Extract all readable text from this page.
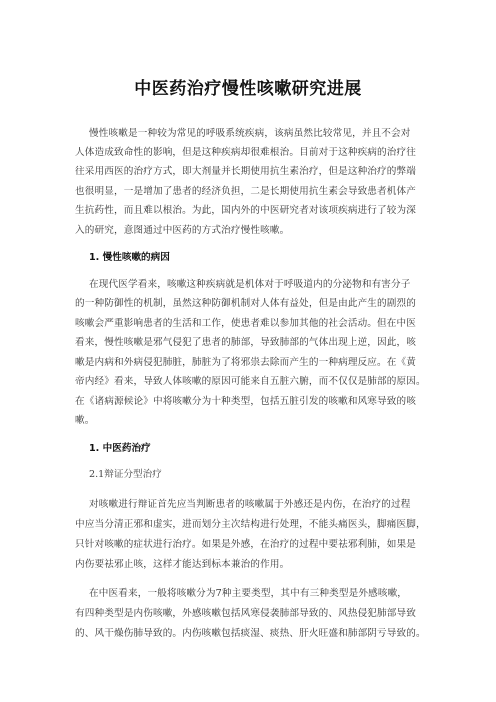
中医药治疗慢性咳嗽研究进展
慢性咳嗽是一种较为常见的呼吸系统疾病，该病虽然比较常见，并且不会对
人体造成致命性的影响，但是这种疾病却很难根治。目前对于这种疾病的治疗往
往采用西医的治疗方式，即大剂量并长期使用抗生素治疗，但是这种治疗的弊端
也很明显，一是增加了患者的经济负担，二是长期使用抗生素会导致患者机体产
生抗药性，而且难以根治。为此，国内外的中医研究者对该项疾病进行了较为深
入的研究，意图通过中医药的方式治疗慢性咳嗽。
1. 慢性咳嗽的病因
在现代医学看来，咳嗽这种疾病就是机体对于呼吸道内的分泌物和有害分子
的一种防御性的机制，虽然这种防御机制对人体有益处，但是由此产生的剧烈的
咳嗽会严重影响患者的生活和工作，使患者难以参加其他的社会活动。但在中医
看来，慢性咳嗽是邪气侵犯了患者的肺部，导致肺部的气体出现上逆，因此，咳
嗽是内病和外病侵犯肺脏，肺脏为了将邪祟去除而产生的一种病理反应。在《黄
帝内经》看来，导致人体咳嗽的原因可能来自五脏六腑，而不仅仅是肺部的原因。
在《诸病源候论》中将咳嗽分为十种类型，包括五脏引发的咳嗽和风寒导致的咳
嗽。
1. 中医药治疗
2.1辩证分型治疗
对咳嗽进行辩证首先应当判断患者的咳嗽属于外感还是内伤，在治疗的过程
中应当分清正邪和虚实，进而划分主次结构进行处理，不能头痛医头，脚痛医脚，
只针对咳嗽的症状进行治疗。如果是外感，在治疗的过程中要祛邪利肺，如果是
内伤要祛邪止咳，这样才能达到标本兼治的作用。
在中医看来，一般将咳嗽分为7种主要类型，其中有三种类型是外感咳嗽，
有四种类型是内伤咳嗽，外感咳嗽包括风寒侵袭肺部导致的、风热侵犯肺部导致
的、风干燥伤肺导致的。内伤咳嗽包括痰湿、痰热、肝火旺盛和肺部阴亏导致的。
